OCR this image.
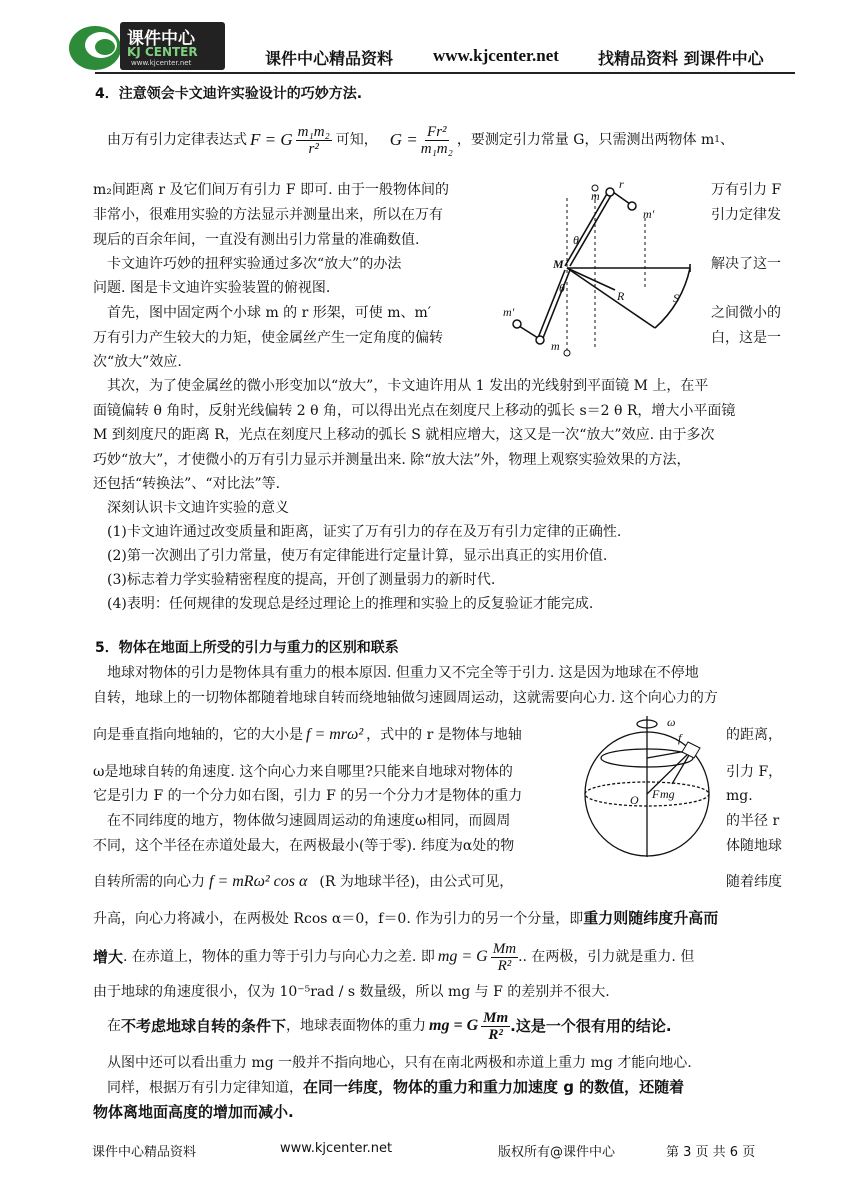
课件中心
KJ CENTER
www.kjcenter.net	课件中心精品资料 www.kjcenter.net 找精品资料 到课件中心
4．注意领会卡文迪许实验设计的巧妙方法.
由万有引力定律表达式 F = G $\frac{\text{m₁m₂}}{\text{r²}}$ 可知， $G = \frac{\text{Fr²}}{\text{m₁m₂}}$ ，要测定引力常量 G，只需测出两物体 m 1 、
m₂间距离 r 及它们间万有引力 F 即可. 由于一般物体间的	万有引力 F
非常小，很难用实验的方法显示并测量出来，所以在万有	引力定律发
现后的百余年间，一直没有测出引力常量的准确数值.
卡文迪许巧妙的扭秤实验通过多次“放大”的办法	解决了这一
问题. 图是卡文迪许实验装置的俯视图.
首先，图中固定两个小球 m 的 r 形架，可使 m、m′	之间微小的
万有引力产生较大的力矩，使金属丝产生一定角度的偏转	白，这是一
次“放大”效应.
r
m
m′
θ
M
θ
R	S
m′
m
其次，为了使金属丝的微小形变加以“放大”，卡文迪许用从 1 发出的光线射到平面镜 M 上，在平
面镜偏转 θ 角时，反射光线偏转 2 θ 角，可以得出光点在刻度尺上移动的弧长 s＝2 θ R，增大小平面镜
M 到刻度尺的距离 R，光点在刻度尺上移动的弧长 S 就相应增大，这又是一次“放大”效应. 由于多次
巧妙“放大”，才使微小的万有引力显示并测量出来. 除“放大法”外，物理上观察实验效果的方法，
还包括“转换法”、“对比法”等.
深刻认识卡文迪许实验的意义
(1)卡文迪许通过改变质量和距离，证实了万有引力的存在及万有引力定律的正确性.
(2)第一次测出了引力常量，使万有定律能进行定量计算，显示出真正的实用价值.
(3)标志着力学实验精密程度的提高，开创了测量弱力的新时代.
(4)表明：任何规律的发现总是经过理论上的推理和实验上的反复验证才能完成.
5．物体在地面上所受的引力与重力的区别和联系
地球对物体的引力是物体具有重力的根本原因. 但重力又不完全等于引力. 这是因为地球在不停地
自转，地球上的一切物体都随着地球自转而绕地轴做匀速圆周运动，这就需要向心力. 这个向心力的方
向是垂直指向地轴的，它的大小是 f = mrω² ，式中的 r 是物体与地轴	的距离，
ω是地球自转的角速度. 这个向心力来自哪里?只能来自地球对物体的	引力 F，
它是引力 F 的一个分力如右图，引力 F 的另一个分力才是物体的重力	mg.
在不同纬度的地方，物体做匀速圆周运动的角速度ω相同，而圆周	的半径 r
不同，这个半径在赤道处最大，在两极最小(等于零). 纬度为α处的物	体随地球
自转所需的向心力 f = mRω² cos α (R 为地球半径)，由公式可见，	随着纬度
ω
f
O F mg
升高，向心力将减小，在两极处 Rcos α＝0，f＝0. 作为引力的另一个分量，即重力则随纬度升高而
增大 . 在赤道上，物体的重力等于引力与向心力之差. 即 mg = G $\frac{Mm}{\text{R²}}$ .. 在两极，引力就是重力. 但
由于地球的角速度很小，仅为 10⁻⁵rad / s 数量级，所以 mg 与 F 的差别并不很大.
在 不考虑地球自转的条件下 ，地球表面物体的重力 mg = G $\frac{Mm}{\text{R²}}$ .这是一个很有用的结论.
从图中还可以看出重力 mg 一般并不指向地心，只有在南北两极和赤道上重力 mg 才能向地心.
同样，根据万有引力定律知道，在同一纬度，物体的重力和重力加速度 g 的数值，还随着
物体离地面高度的增加而减小.
课件中心精品资料	www.kjcenter.net	版权所有@课件中心	第 3 页 共 6 页
